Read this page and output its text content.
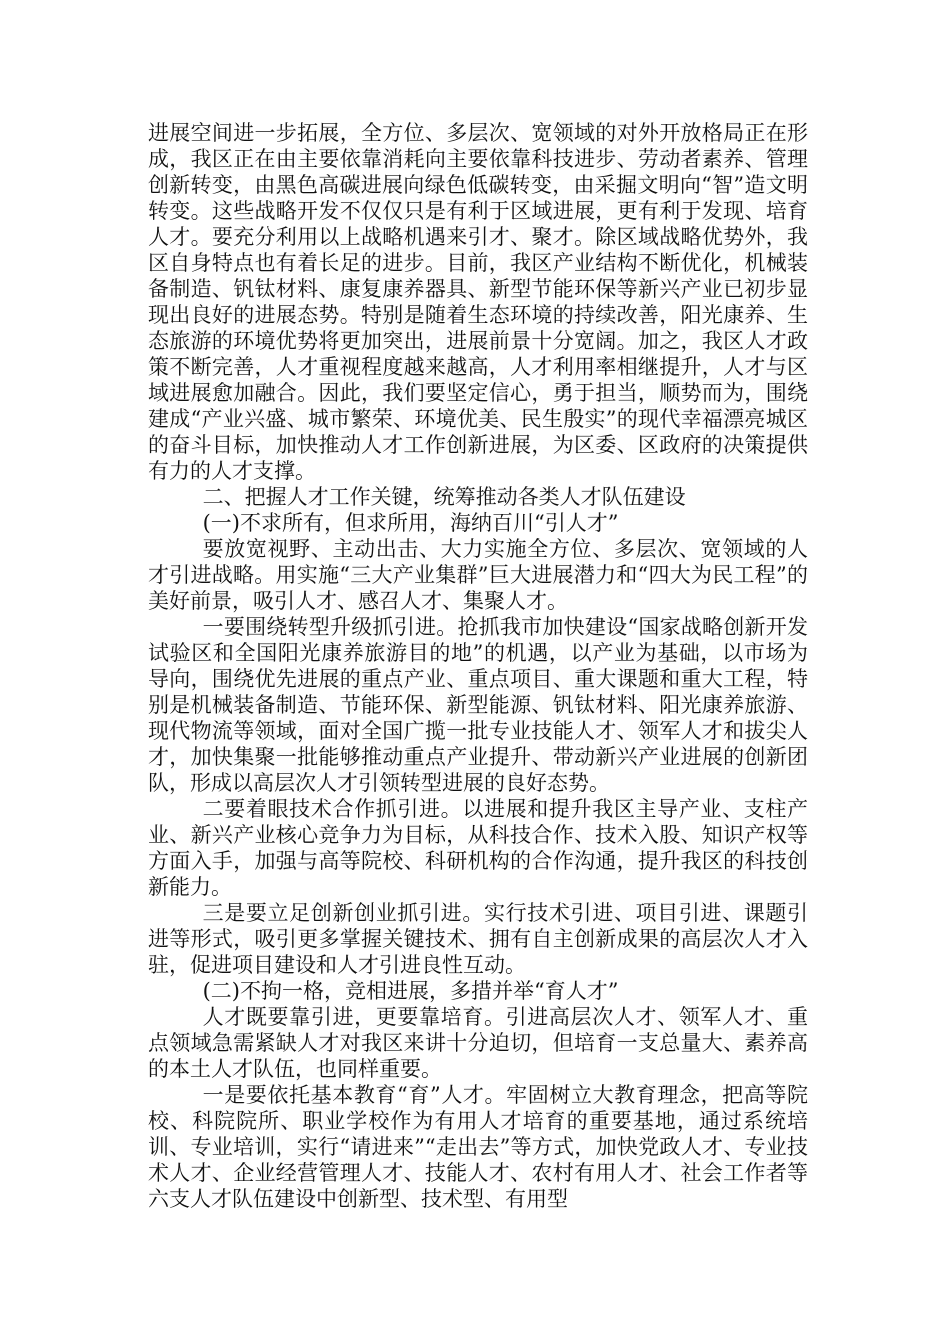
进展空间进一步拓展，全方位、多层次、宽领域的对外开放格局正在形成，我区正在由主要依靠消耗向主要依靠科技进步、劳动者素养、管理创新转变，由黑色高碳进展向绿色低碳转变，由采掘文明向“智”造文明转变。这些战略开发不仅仅只是有利于区域进展，更有利于发现、培育人才。要充分利用以上战略机遇来引才、聚才。除区域战略优势外，我区自身特点也有着长足的进步。目前，我区产业结构不断优化，机械装备制造、钒钛材料、康复康养器具、新型节能环保等新兴产业已初步显现出良好的进展态势。特别是随着生态环境的持续改善，阳光康养、生态旅游的环境优势将更加突出，进展前景十分宽阔。加之，我区人才政策不断完善，人才重视程度越来越高，人才利用率相继提升，人才与区域进展愈加融合。因此，我们要坚定信心，勇于担当，顺势而为，围绕建成“产业兴盛、城市繁荣、环境优美、民生殷实”的现代幸福漂亮城区的奋斗目标，加快推动人才工作创新进展，为区委、区政府的决策提供有力的人才支撑。

二、把握人才工作关键，统筹推动各类人才队伍建设

(一)不求所有，但求所用，海纳百川“引人才”

要放宽视野、主动出击、大力实施全方位、多层次、宽领域的人才引进战略。用实施“三大产业集群”巨大进展潜力和“四大为民工程”的美好前景，吸引人才、感召人才、集聚人才。

一要围绕转型升级抓引进。抢抓我市加快建设“国家战略创新开发试验区和全国阳光康养旅游目的地”的机遇，以产业为基础，以市场为导向，围绕优先进展的重点产业、重点项目、重大课题和重大工程，特别是机械装备制造、节能环保、新型能源、钒钛材料、阳光康养旅游、现代物流等领域，面对全国广揽一批专业技能人才、领军人才和拔尖人才，加快集聚一批能够推动重点产业提升、带动新兴产业进展的创新团队，形成以高层次人才引领转型进展的良好态势。

二要着眼技术合作抓引进。以进展和提升我区主导产业、支柱产业、新兴产业核心竞争力为目标，从科技合作、技术入股、知识产权等方面入手，加强与高等院校、科研机构的合作沟通，提升我区的科技创新能力。

三是要立足创新创业抓引进。实行技术引进、项目引进、课题引进等形式，吸引更多掌握关键技术、拥有自主创新成果的高层次人才入驻，促进项目建设和人才引进良性互动。

(二)不拘一格，竞相进展，多措并举“育人才”

人才既要靠引进，更要靠培育。引进高层次人才、领军人才、重点领域急需紧缺人才对我区来讲十分迫切，但培育一支总量大、素养高的本土人才队伍，也同样重要。

一是要依托基本教育“育”人才。牢固树立大教育理念，把高等院校、科院院所、职业学校作为有用人才培育的重要基地，通过系统培训、专业培训，实行“请进来”“走出去”等方式，加快党政人才、专业技术人才、企业经营管理人才、技能人才、农村有用人才、社会工作者等六支人才队伍建设中创新型、技术型、有用型
